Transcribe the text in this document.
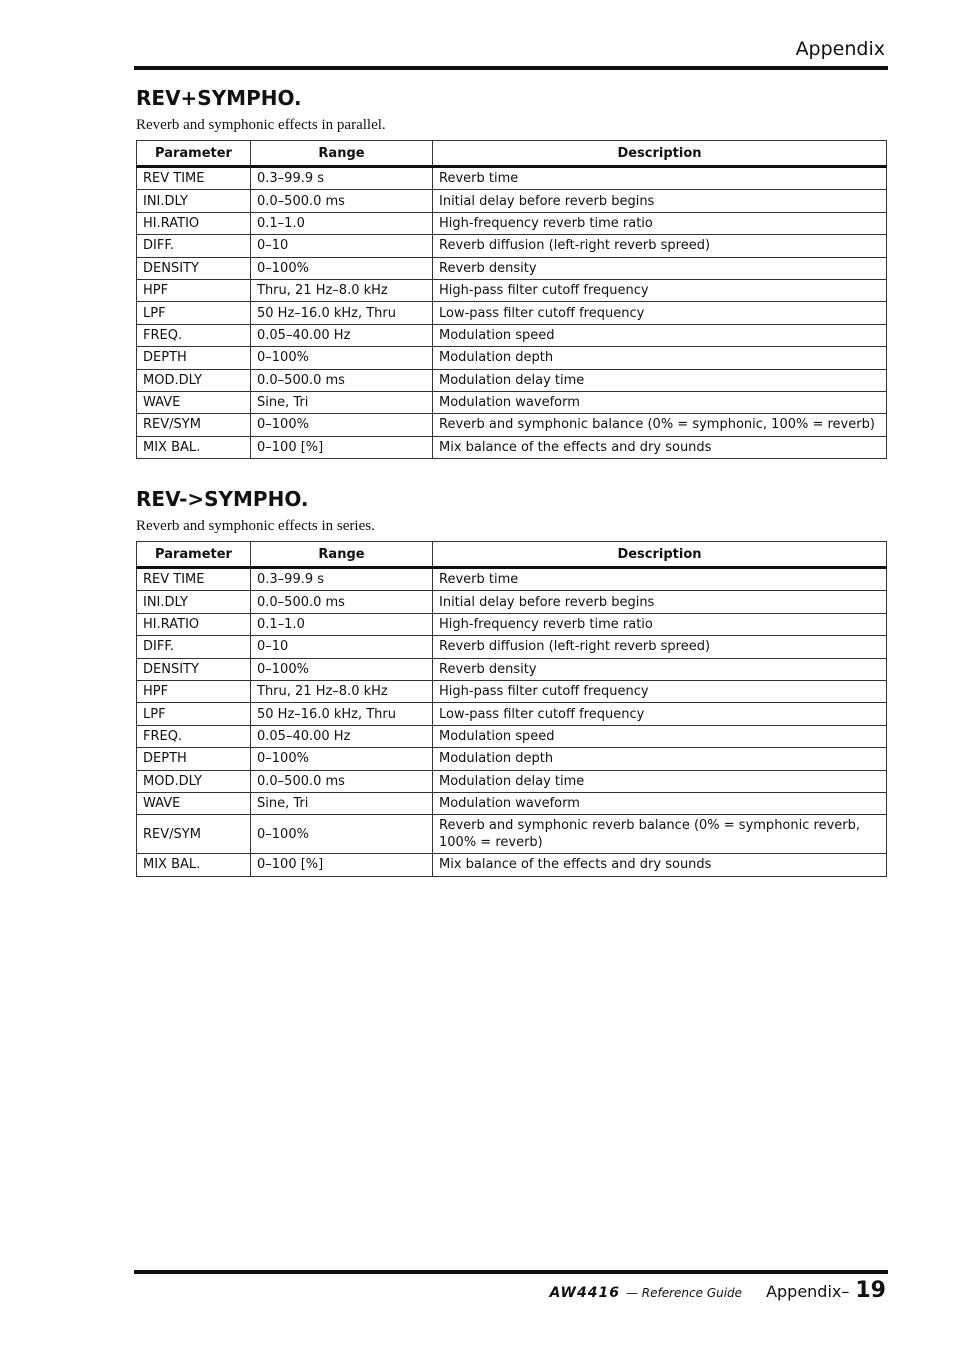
Appendix
REV+SYMPHO.
Reverb and symphonic effects in parallel.
Parameter	Range	Description
REV TIME	0.3–99.9 s	Reverb time
INI.DLY	0.0–500.0 ms	Initial delay before reverb begins
HI.RATIO	0.1–1.0	High-frequency reverb time ratio
DIFF.	0–10	Reverb diffusion (left-right reverb spreed)
DENSITY	0–100%	Reverb density
HPF	Thru, 21 Hz–8.0 kHz	High-pass filter cutoff frequency
LPF	50 Hz–16.0 kHz, Thru	Low-pass filter cutoff frequency
FREQ.	0.05–40.00 Hz	Modulation speed
DEPTH	0–100%	Modulation depth
MOD.DLY	0.0–500.0 ms	Modulation delay time
WAVE	Sine, Tri	Modulation waveform
REV/SYM	0–100%	Reverb and symphonic balance (0% = symphonic, 100% = reverb)
MIX BAL.	0–100 [%]	Mix balance of the effects and dry sounds
REV->SYMPHO.
Reverb and symphonic effects in series.
Parameter	Range	Description
REV TIME	0.3–99.9 s	Reverb time
INI.DLY	0.0–500.0 ms	Initial delay before reverb begins
HI.RATIO	0.1–1.0	High-frequency reverb time ratio
DIFF.	0–10	Reverb diffusion (left-right reverb spreed)
DENSITY	0–100%	Reverb density
HPF	Thru, 21 Hz–8.0 kHz	High-pass filter cutoff frequency
LPF	50 Hz–16.0 kHz, Thru	Low-pass filter cutoff frequency
FREQ.	0.05–40.00 Hz	Modulation speed
DEPTH	0–100%	Modulation depth
MOD.DLY	0.0–500.0 ms	Modulation delay time
WAVE	Sine, Tri	Modulation waveform
REV/SYM	0–100%	Reverb and symphonic reverb balance (0% = symphonic reverb, 100% = reverb)
MIX BAL.	0–100 [%]	Mix balance of the effects and dry sounds
AW4416 — Reference Guide Appendix– 19
